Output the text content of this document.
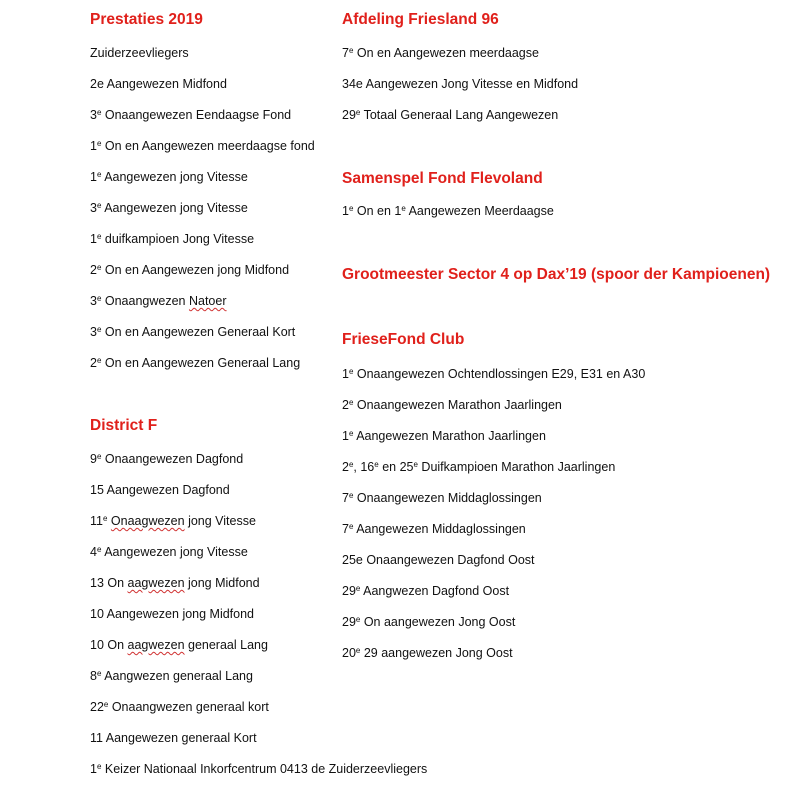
Prestaties 2019
Zuiderzeevliegers
2e Aangewezen Midfond
3e Onaangewezen Eendaagse Fond
1e On en Aangewezen meerdaagse fond
1e Aangewezen jong Vitesse
3e Aangewezen jong Vitesse
1e duifkampioen Jong Vitesse
2e On en Aangewezen jong Midfond
3e Onaangwezen Natoer
3e On en Aangewezen Generaal Kort
2e On en Aangewezen Generaal Lang
District F
9e Onaangewezen Dagfond
15 Aangewezen Dagfond
11e Onaagwezen jong Vitesse
4e Aangewezen jong Vitesse
13 On aagwezen jong Midfond
10 Aangewezen jong Midfond
10 On aagwezen generaal Lang
8e Aangwezen generaal Lang
22e Onaangwezen generaal kort
11 Aangewezen generaal Kort
1e Keizer Nationaal Inkorfcentrum 0413 de Zuiderzeevliegers
Afdeling Friesland 96
7e On en Aangewezen meerdaagse
34e Aangewezen Jong Vitesse en Midfond
29e Totaal Generaal Lang Aangewezen
Samenspel Fond Flevoland
1e On en 1e Aangewezen Meerdaagse
Grootmeester Sector 4 op Dax’19 (spoor der Kampioenen)
FrieseFond Club
1e Onaangewezen Ochtendlossingen E29, E31 en A30
2e Onaangewezen Marathon Jaarlingen
1e Aangewezen Marathon Jaarlingen
2e, 16e en 25e Duifkampioen Marathon Jaarlingen
7e Onaangewezen Middaglossingen
7e Aangewezen Middaglossingen
25e Onaangewezen Dagfond Oost
29e Aangwezen Dagfond Oost
29e On aangewezen Jong Oost
20e 29 aangewezen Jong Oost
